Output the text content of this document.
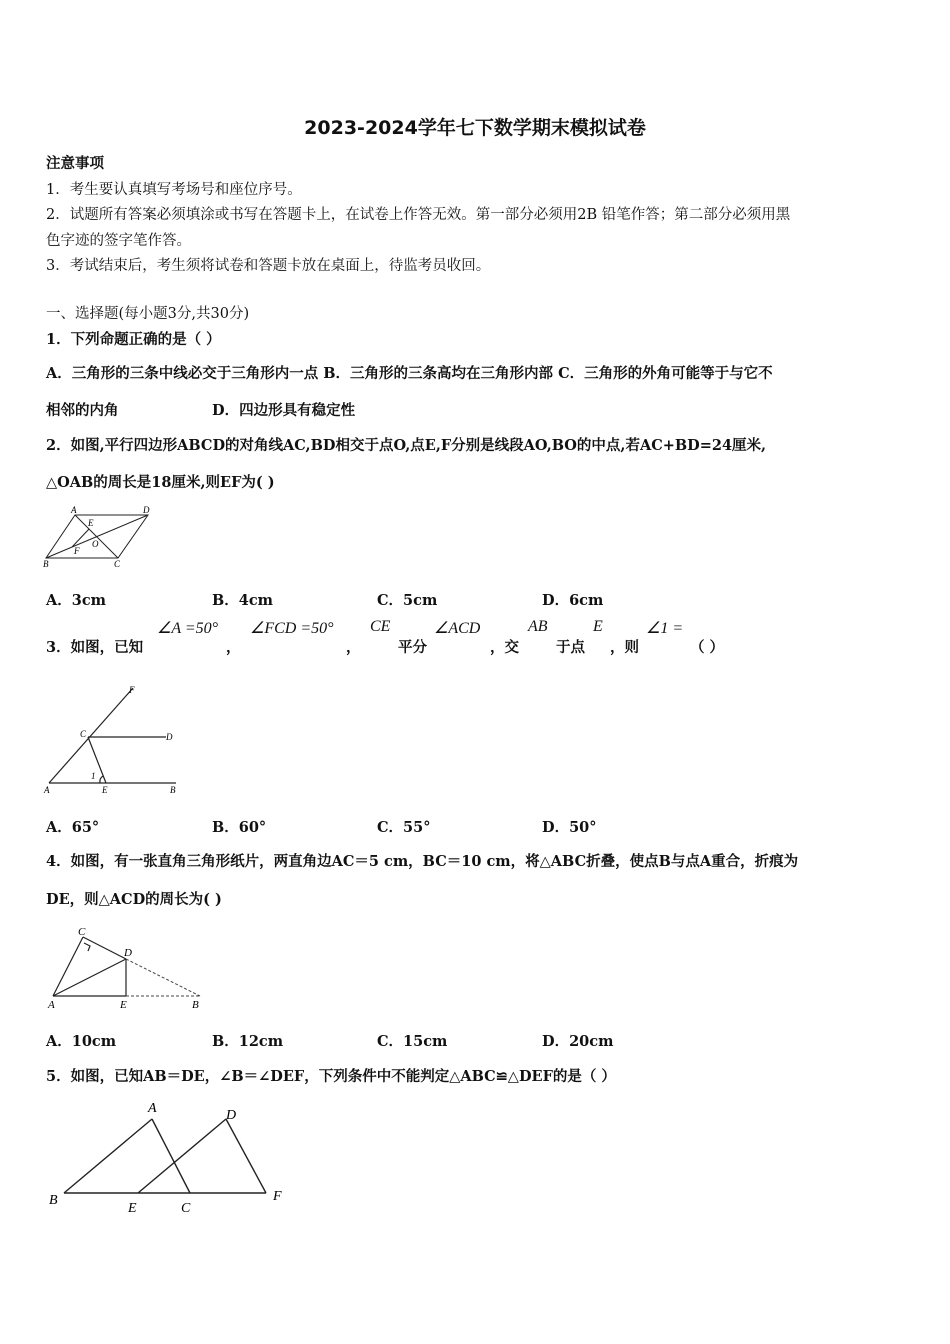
2023-2024学年七下数学期末模拟试卷
注意事项
1．考生要认真填写考场号和座位序号。
2．试题所有答案必须填涂或书写在答题卡上，在试卷上作答无效。第一部分必须用2B 铅笔作答；第二部分必须用黑
色字迹的签字笔作答。
3．考试结束后，考生须将试卷和答题卡放在桌面上，待监考员收回。
一、选择题(每小题3分,共30分)
1．下列命题正确的是（ ）
A．三角形的三条中线必交于三角形内一点 B．三角形的三条高均在三角形内部 C．三角形的外角可能等于与它不
相邻的内角	D．四边形具有稳定性
2．如图,平行四边形ABCD的对角线AC,BD相交于点O,点E,F分别是线段AO,BO的中点,若AC+BD=24厘米,
△OAB的周长是18厘米,则EF为( )
A	D
E
O
F
B	C
A．3cm	B．4cm	C．5cm	D．6cm
3．如图，已知
∠A =50°
，
∠FCD =50°
，
CE
平分
∠ACD
，交
AB
于点
E
，则
∠1 =
（ ）
F
C	D
1
A	E	B
A．65°	B．60°	C．55°	D．50°
4．如图，有一张直角三角形纸片，两直角边AC＝5 cm，BC＝10 cm，将△ABC折叠，使点B与点A重合，折痕为
DE，则△ACD的周长为( )
C
D
A	E	B
A．10cm	B．12cm	C．15cm	D．20cm
5．如图，已知AB＝DE，∠B＝∠DEF，下列条件中不能判定△ABC≌△DEF的是（ ）
A	D
B
E	C
F
